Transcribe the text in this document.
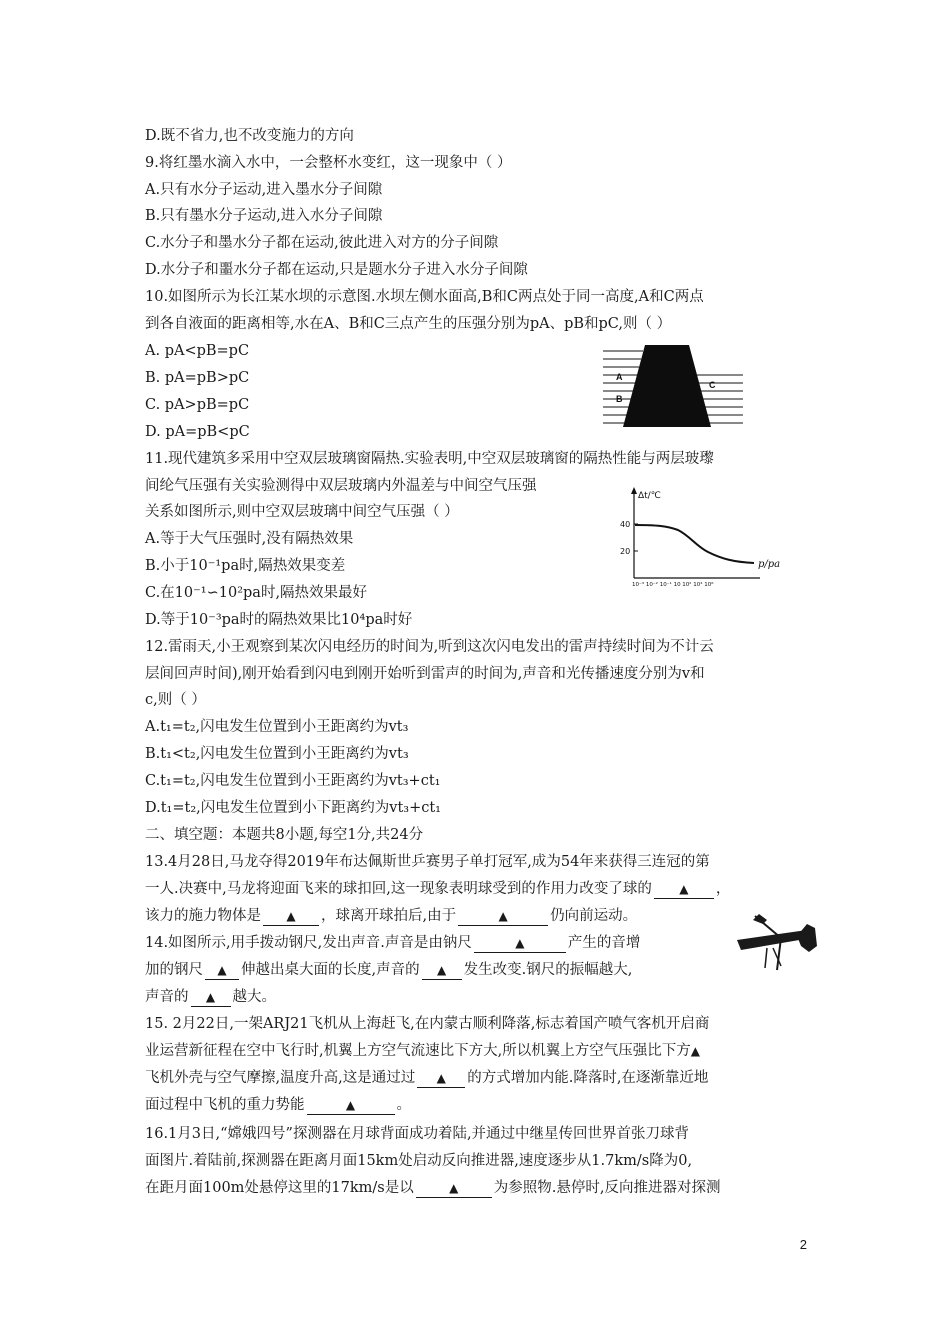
D.既不省力,也不改变施力的方向
9.将红墨水滴入水中，一会整杯水变红，这一现象中（ ）
A.只有水分子运动,进入墨水分子间隙
B.只有墨水分子运动,进入水分子间隙
C.水分子和墨水分子都在运动,彼此进入对方的分子间隙
D.水分子和噩水分子都在运动,只是题水分子进入水分子间隙
10.如图所示为长江某水坝的示意图.水坝左侧水面高,B和C两点处于同一高度,A和C两点
到各自液面的距离相等,水在A、B和C三点产生的压强分别为pA、pB和pC,则（ ）
A. pA<pB=pC
B. pA=pB>pC
C. pA>pB=pC
D. pA=pB<pC
A
B
C
11.现代建筑多采用中空双层玻璃窗隔热.实验表明,中空双层玻璃窗的隔热性能与两层玻瓈
间纶气压强有关实验测得中双层玻璃内外温差与中间空气压强
关系如图所示,则中空双层玻璃中间空气压强（ ）
A.等于大气压强时,没有隔热效果
B.小于10⁻¹pa时,隔热效果变差
C.在10⁻¹∽10²pa时,隔热效果最好
D.等于10⁻³pa时的隔热效果比10⁴pa时好
Δt/℃
40
20
p/pa
10⁻³ 10⁻² 10⁻¹ 10 10² 10⁴ 10⁶
12.雷雨天,小王观察到某次闪电经历的时间为,听到这次闪电发出的雷声持续时间为不计云
层间回声时间),刚开始看到闪电到刚开始听到雷声的时间为,声音和光传播速度分别为v和
c,则（ ）
A.t₁=t₂,闪电发生位置到小王距离约为vt₃
B.t₁<t₂,闪电发生位置到小王距离约为vt₃
C.t₁=t₂,闪电发生位置到小王距离约为vt₃+ct₁
D.t₁=t₂,闪电发生位置到小下距离约为vt₃+ct₁
二、填空题：本题共8小题,每空1分,共24分
13.4月28日,马龙夺得2019年布达佩斯世乒赛男子单打冠军,成为54年来获得三连冠的第
一人.决赛中,马龙将迎面飞来的球扣回,这一现象表明球受到的作用力改变了球的 ▲ ，
该力的施力物体是 ▲ ，球离开球拍后,由于	▲	仍向前运动。
14.如图所示,用手拨动钢尺,发出声音.声音是由钠尺	▲	产生的音增
加的钢尺 ▲ 伸越出桌大面的长度,声音的 ▲ 发生改变.钢尺的振幅越大,
声音的 ▲ 越大。
15. 2月22日,一架ARJ21飞机从上海赶飞,在内蒙古顺利降落,标志着国产喷气客机开启商
业运营新征程在空中飞行时,机翼上方空气流速比下方大,所以机翼上方空气压强比下方▲
飞机外壳与空气摩擦,温度升高,这是通过过 ▲ 的方式增加内能.降落时,在逐渐靠近地
面过程中飞机的重力势能	▲	。
16.1月3日,“嫦娥四号”探测器在月球背面成功着陆,并通过中继星传回世界首张刀球背
面图片.着陆前,探测器在距离月面15km处启动反向推进器,速度逐步从1.7km/s降为0,
在距月面100m处悬停这里的17km/s是以	▲ 为参照物.悬停时,反向推进器对探测
2
